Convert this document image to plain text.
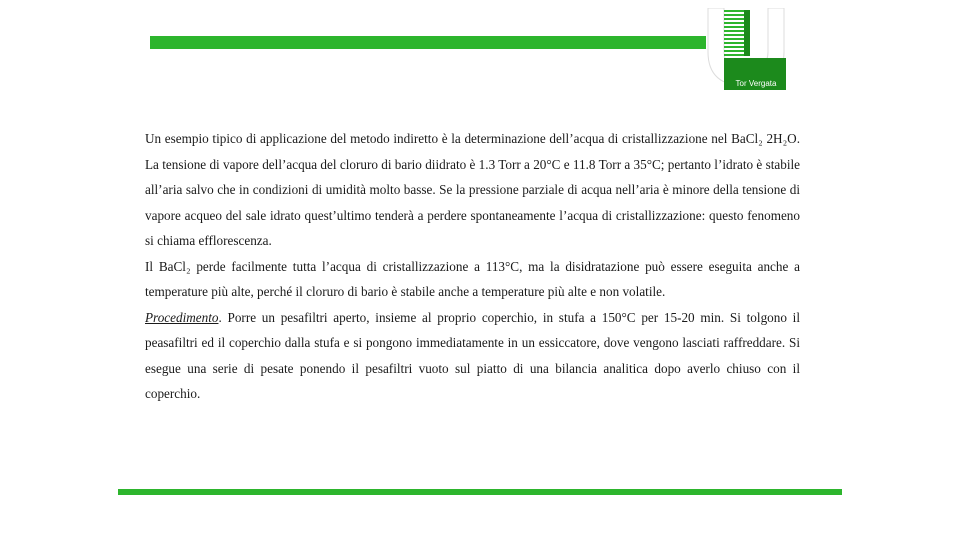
Tor Vergata

Un esempio tipico di applicazione del metodo indiretto è la determinazione dell’acqua di cristallizzazione nel BaCl₂ 2H₂O. La tensione di vapore dell’acqua del cloruro di bario diidrato è 1.3 Torr a 20°C e 11.8 Torr a 35°C; pertanto l’idrato è stabile all’aria salvo che in condizioni di umidità molto basse. Se la pressione parziale di acqua nell’aria è minore della tensione di vapore acqueo del sale idrato quest’ultimo tenderà a perdere spontaneamente l’acqua di cristallizzazione: questo fenomeno si chiama efflorescenza.

Il BaCl₂ perde facilmente tutta l’acqua di cristallizzazione a 113°C, ma la disidratazione può essere eseguita anche a temperature più alte, perché il cloruro di bario è stabile anche a temperature più alte e non volatile.

Procedimento. Porre un pesafiltri aperto, insieme al proprio coperchio, in stufa a 150°C per 15-20 min. Si tolgono il peasafiltri ed il coperchio dalla stufa e si pongono immediatamente in un essiccatore, dove vengono lasciati raffreddare. Si esegue una serie di pesate ponendo il pesafiltri vuoto sul piatto di una bilancia analitica dopo averlo chiuso con il coperchio.
